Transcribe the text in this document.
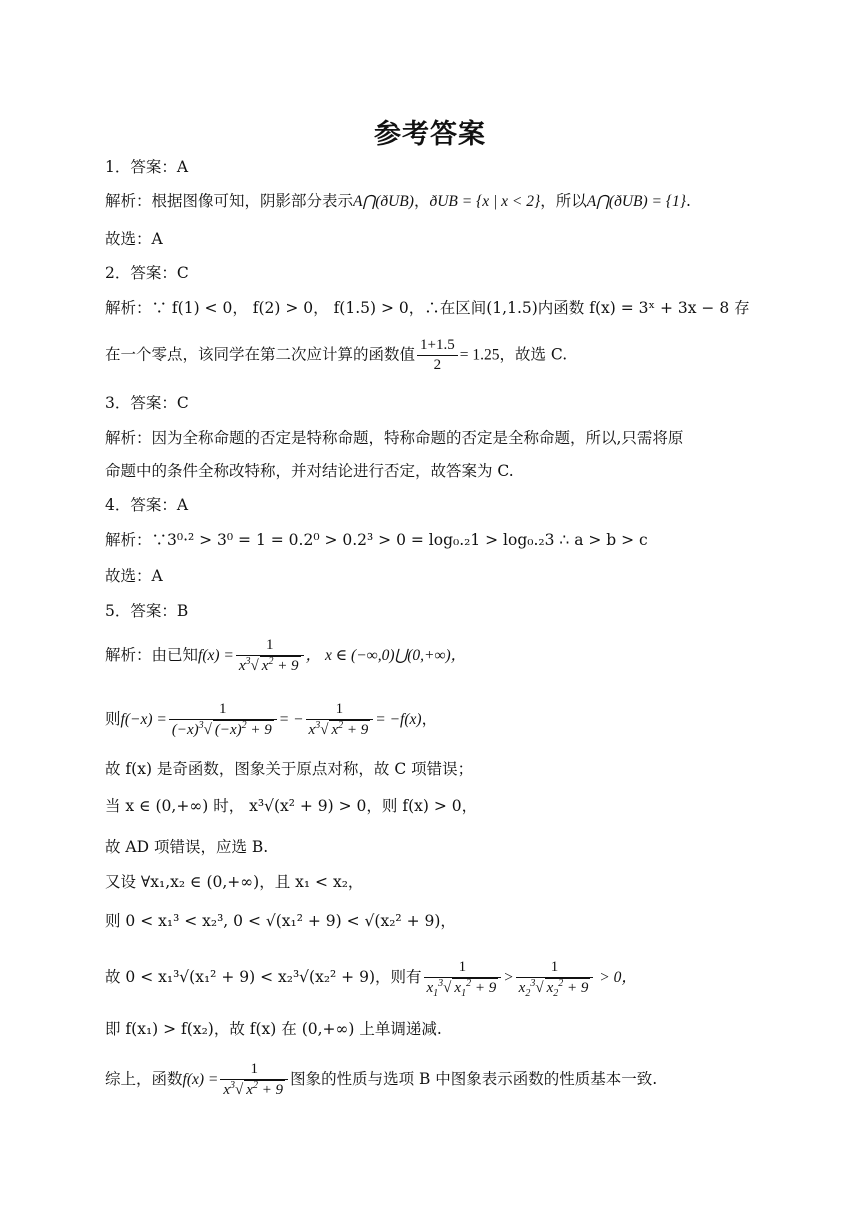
参考答案
1．答案：A
解析：根据图像可知，阴影部分表示A⋂(ðUB)，ðUB = {x | x < 2}，所以A⋂(ðUB) = {1}.
故选：A
2．答案：C
解析：∵ f(1) < 0， f(2) > 0， f(1.5) > 0，∴在区间(1,1.5)内函数 f(x) = 3ˣ + 3x − 8 存
在一个零点，该同学在第二次应计算的函数值 $\frac{1+1.5}{2} = 1.25$，故选 C.
3．答案：C
解析：因为全称命题的否定是特称命题，特称命题的否定是全称命题，所以,只需将原
命题中的条件全称改特称，并对结论进行否定，故答案为 C.
4．答案：A
解析：∵3⁰·² > 3⁰ = 1 = 0.2⁰ > 0.2³ > 0 = log₀.₂1 > log₀.₂3 ∴ a > b > c
故选：A
5．答案：B
解析：由已知$f(x) = \frac{1}{x^3√ x^2 + 9}$ ， x ∈ (−∞,0)⋃(0,+∞)，
则$f(-x) = \frac{1}{(-x)^3√ (-x)^2 + 9}$ = − $\frac{1}{x^3√ x^2 + 9} = -f(x)$，
故 f(x) 是奇函数，图象关于原点对称，故 C 项错误；
当 x ∈ (0,+∞) 时， x³√(x² + 9) > 0，则 f(x) > 0，
故 AD 项错误，应选 B.
又设 ∀x₁,x₂ ∈ (0,+∞)，且 x₁ < x₂，
则 0 < x₁³ < x₂³, 0 < √(x₁² + 9) < √(x₂² + 9)，
故 0 < x₁³√(x₁² + 9) < x₂³√(x₂² + 9)，则有 $\frac{1}{x_1^3√ x_1^2 + 9} > \frac{1}{x_2^3√ x_2^2 + 9} > 0$，
即 f(x₁) > f(x₂)，故 f(x) 在 (0,+∞) 上单调递减.
综上，函数$f(x) = \frac{1}{x^3√ x^2 + 9}$ 图象的性质与选项 B 中图象表示函数的性质基本一致.
